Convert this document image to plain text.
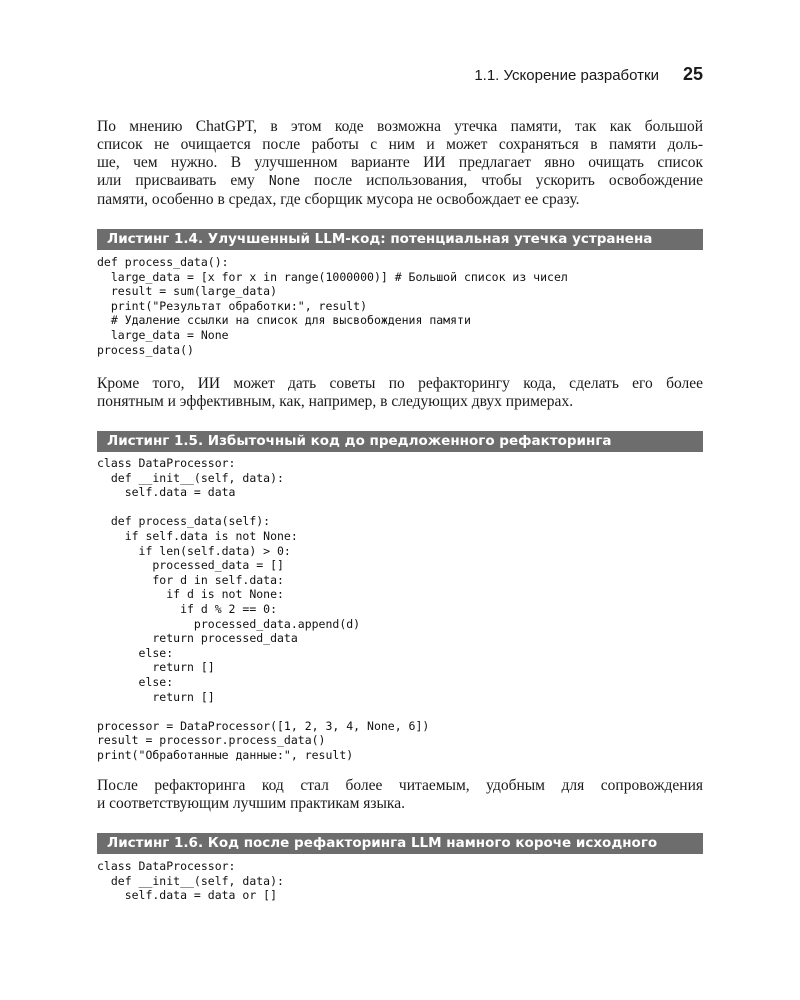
1.1. Ускорение разработки 25

По мнению ChatGPT, в этом коде возможна утечка памяти, так как большой
список не очищается после работы с ним и может сохраняться в памяти доль-
ше, чем нужно. В улучшенном варианте ИИ предлагает явно очищать список
или присваивать ему None после использования, чтобы ускорить освобождение
памяти, особенно в средах, где сборщик мусора не освобождает ее сразу.

Листинг 1.4. Улучшенный LLM-код: потенциальная утечка устранена
def process_data():
large_data = [x for x in range(1000000)] # Большой список из чисел
result = sum(large_data)
print("Результат обработки:", result)
# Удаление ссылки на список для высвобождения памяти
large_data = None
process_data()

Кроме того, ИИ может дать советы по рефакторингу кода, сделать его более
понятным и эффективным, как, например, в следующих двух примерах.

Листинг 1.5. Избыточный код до предложенного рефакторинга
class DataProcessor:
def __init__(self, data):
self.data = data

def process_data(self):
if self.data is not None:
if len(self.data) > 0:
processed_data = []
for d in self.data:
if d is not None:
if d % 2 == 0:
processed_data.append(d)
return processed_data
else:
return []
else:
return []

processor = DataProcessor([1, 2, 3, 4, None, 6])
result = processor.process_data()
print("Обработанные данные:", result)

После рефакторинга код стал более читаемым, удобным для сопровождения
и соответствующим лучшим практикам языка.

Листинг 1.6. Код после рефакторинга LLM намного короче исходного
class DataProcessor:
def __init__(self, data):
self.data = data or []
